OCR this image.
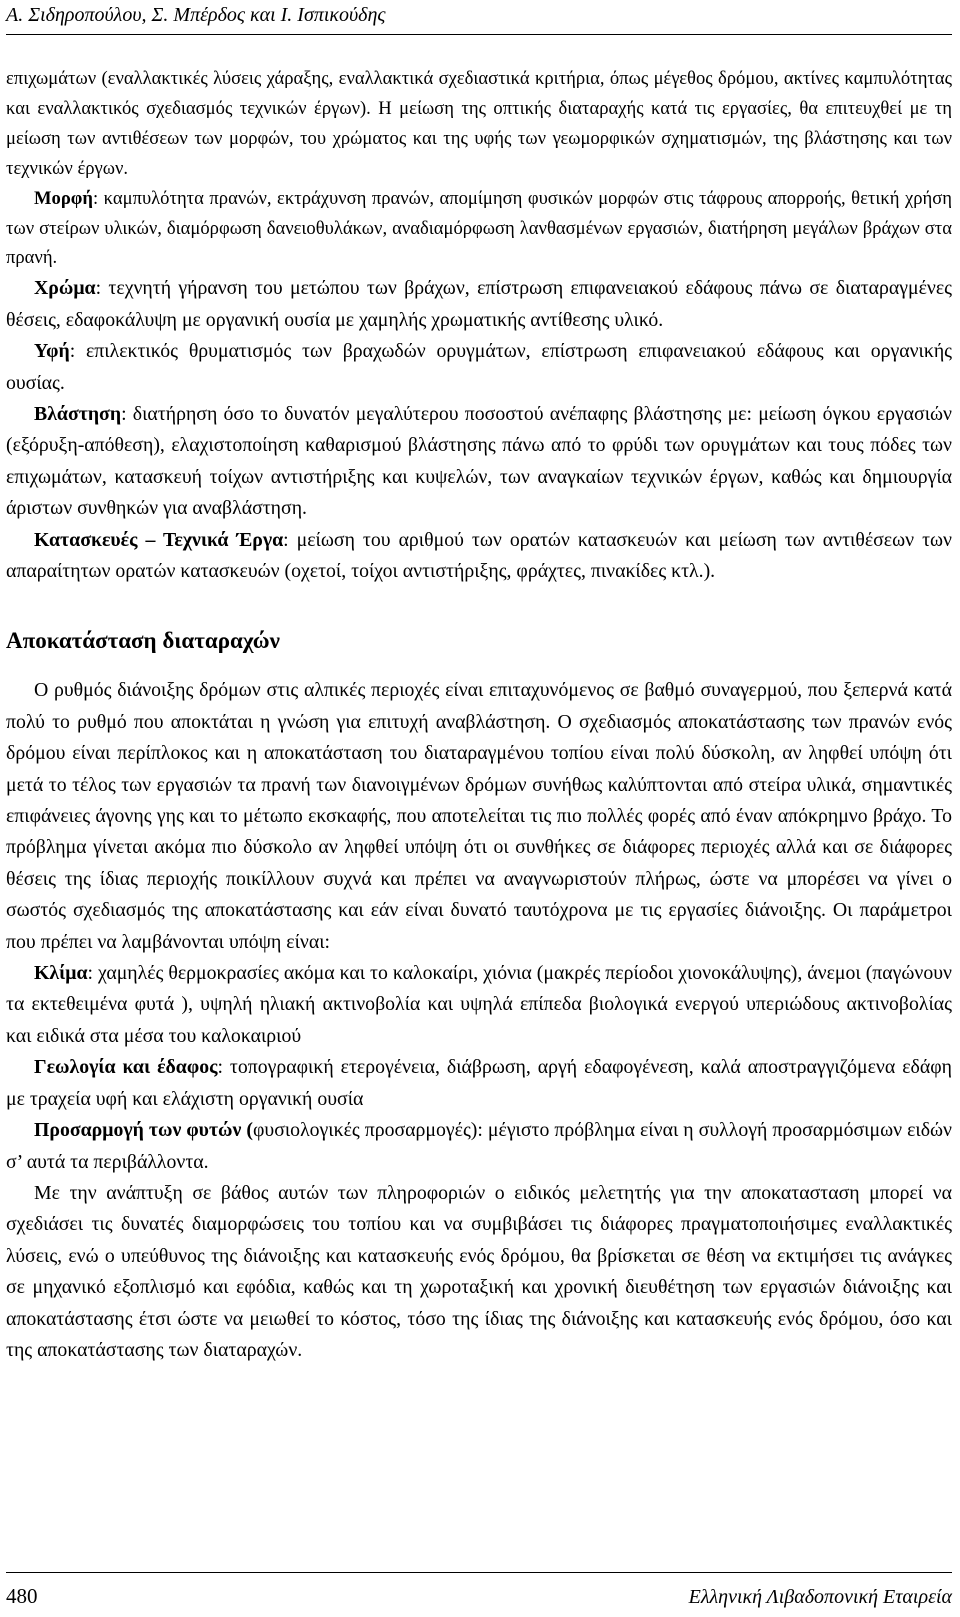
Α. Σιδηροπούλου, Σ. Μπέρδος και Ι. Ισπικούδης

επιχωμάτων (εναλλακτικές λύσεις χάραξης, εναλλακτικά σχεδιαστικά κριτήρια, όπως μέγεθος δρόμου, ακτίνες καμπυλότητας και εναλλακτικός σχεδιασμός τεχνικών έργων). Η μείωση της οπτικής διαταραχής κατά τις εργασίες, θα επιτευχθεί με τη μείωση των αντιθέσεων των μορφών, του χρώματος και της υφής των γεωμορφικών σχηματισμών, της βλάστησης και των τεχνικών έργων.

Μορφή: καμπυλότητα πρανών, εκτράχυνση πρανών, απομίμηση φυσικών μορφών στις τάφρους απορροής, θετική χρήση των στείρων υλικών, διαμόρφωση δανειοθυλάκων, αναδιαμόρφωση λανθασμένων εργασιών, διατήρηση μεγάλων βράχων στα πρανή.

Χρώμα: τεχνητή γήρανση του μετώπου των βράχων, επίστρωση επιφανειακού εδάφους πάνω σε διαταραγμένες θέσεις, εδαφοκάλυψη με οργανική ουσία με χαμηλής χρωματικής αντίθεσης υλικό.

Υφή: επιλεκτικός θρυματισμός των βραχωδών ορυγμάτων, επίστρωση επιφανειακού εδάφους και οργανικής ουσίας.

Βλάστηση: διατήρηση όσο το δυνατόν μεγαλύτερου ποσοστού ανέπαφης βλάστησης με: μείωση όγκου εργασιών (εξόρυξη-απόθεση), ελαχιστοποίηση καθαρισμού βλάστησης πάνω από το φρύδι των ορυγμάτων και τους πόδες των επιχωμάτων, κατασκευή τοίχων αντιστήριξης και κυψελών, των αναγκαίων τεχνικών έργων, καθώς και δημιουργία άριστων συνθηκών για αναβλάστηση.

Κατασκευές – Τεχνικά Έργα: μείωση του αριθμού των ορατών κατασκευών και μείωση των αντιθέσεων των απαραίτητων ορατών κατασκευών (οχετοί, τοίχοι αντιστήριξης, φράχτες, πινακίδες κτλ.).

Αποκατάσταση διαταραχών

Ο ρυθμός διάνοιξης δρόμων στις αλπικές περιοχές είναι επιταχυνόμενος σε βαθμό συναγερμού, που ξεπερνά κατά πολύ το ρυθμό που αποκτάται η γνώση για επιτυχή αναβλάστηση. Ο σχεδιασμός αποκατάστασης των πρανών ενός δρόμου είναι περίπλοκος και η αποκατάσταση του διαταραγμένου τοπίου είναι πολύ δύσκολη, αν ληφθεί υπόψη ότι μετά το τέλος των εργασιών τα πρανή των διανοιγμένων δρόμων συνήθως καλύπτονται από στείρα υλικά, σημαντικές επιφάνειες άγονης γης και το μέτωπο εκσκαφής, που αποτελείται τις πιο πολλές φορές από έναν απόκρημνο βράχο. Το πρόβλημα γίνεται ακόμα πιο δύσκολο αν ληφθεί υπόψη ότι οι συνθήκες σε διάφορες περιοχές αλλά και σε διάφορες θέσεις της ίδιας περιοχής ποικίλλουν συχνά και πρέπει να αναγνωριστούν πλήρως, ώστε να μπορέσει να γίνει ο σωστός σχεδιασμός της αποκατάστασης και εάν είναι δυνατό ταυτόχρονα με τις εργασίες διάνοιξης. Οι παράμετροι που πρέπει να λαμβάνονται υπόψη είναι:

Κλίμα: χαμηλές θερμοκρασίες ακόμα και το καλοκαίρι, χιόνια (μακρές περίοδοι χιονοκάλυψης), άνεμοι (παγώνουν τα εκτεθειμένα φυτά ), υψηλή ηλιακή ακτινοβολία και υψηλά επίπεδα βιολογικά ενεργού υπεριώδους ακτινοβολίας και ειδικά στα μέσα του καλοκαιριού

Γεωλογία και έδαφος: τοπογραφική ετερογένεια, διάβρωση, αργή εδαφογένεση, καλά αποστραγγιζόμενα εδάφη με τραχεία υφή και ελάχιστη οργανική ουσία

Προσαρμογή των φυτών (φυσιολογικές προσαρμογές): μέγιστο πρόβλημα είναι η συλλογή προσαρμόσιμων ειδών σ’ αυτά τα περιβάλλοντα.

Με την ανάπτυξη σε βάθος αυτών των πληροφοριών ο ειδικός μελετητής για την αποκατασταση μπορεί να σχεδιάσει τις δυνατές διαμορφώσεις του τοπίου και να συμβιβάσει τις διάφορες πραγματοποιήσιμες εναλλακτικές λύσεις, ενώ ο υπεύθυνος της διάνοιξης και κατασκευής ενός δρόμου, θα βρίσκεται σε θέση να εκτιμήσει τις ανάγκες σε μηχανικό εξοπλισμό και εφόδια, καθώς και τη χωροταξική και χρονική διευθέτηση των εργασιών διάνοιξης και αποκατάστασης έτσι ώστε να μειωθεί το κόστος, τόσο της ίδιας της διάνοιξης και κατασκευής ενός δρόμου, όσο και της αποκατάστασης των διαταραχών.

480	Ελληνική Λιβαδοπονική Εταιρεία
